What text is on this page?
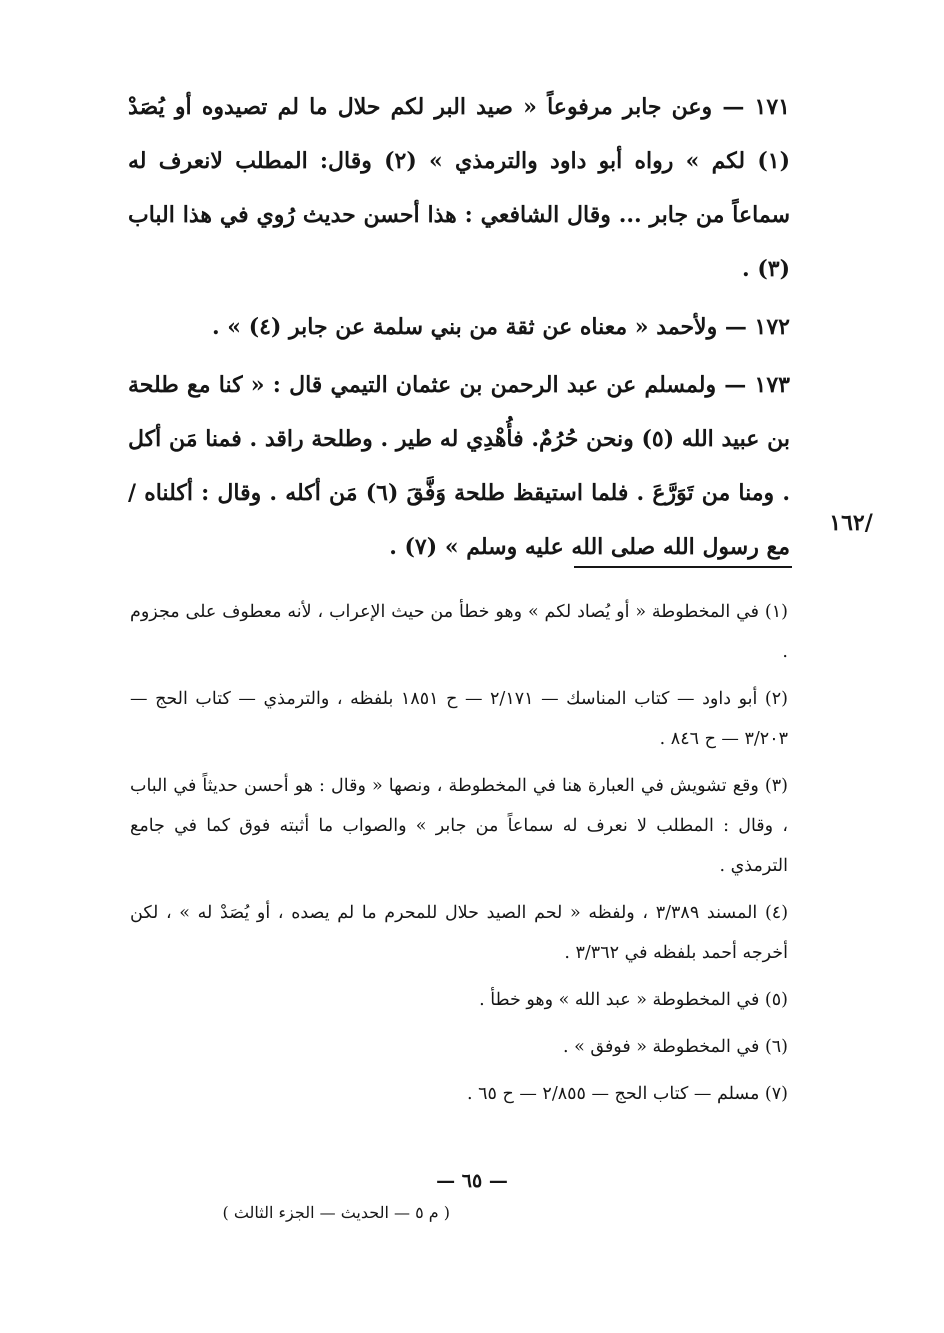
١٧١ — وعن جابر مرفوعاً « صيد البر لكم حلال ما لم تصيدوه أو يُصَدْ (١) لكم » رواه أبو داود والترمذي » (٢) وقال: المطلب لانعرف له سماعاً من جابر ... وقال الشافعي : هذا أحسن حديث رُوي في هذا الباب (٣) .

١٧٢ — ولأحمد « معناه عن ثقة من بني سلمة عن جابر (٤) » .

١٧٣ — ولمسلم عن عبد الرحمن بن عثمان التيمي قال : « كنا مع طلحة بن عبيد الله (٥) ونحن حُرُمٌ. فأُهْدِي له طير . وطلحة راقد . فمنا مَن أكل . ومنا من تَوَرَّعَ . فلما استيقظ طلحة وَفَّقَ (٦) مَن أكله . وقال : أكلناه / مع رسول الله صلى الله عليه وسلم » (٧) .

/١٦٢

(١) في المخطوطة « أو يُصاد لكم » وهو خطأ من حيث الإعراب ، لأنه معطوف على مجزوم .

(٢) أبو داود — كتاب المناسك — ٢/١٧١ — ح ١٨٥١ بلفظه ، والترمذي — كتاب الحج — ٣/٢٠٣ — ح ٨٤٦ .

(٣) وقع تشويش في العبارة هنا في المخطوطة ، ونصها « وقال : هو أحسن حديثاً في الباب ، وقال : المطلب لا نعرف له سماعاً من جابر » والصواب ما أثبته فوق كما في جامع الترمذي .

(٤) المسند ٣/٣٨٩ ، ولفظه « لحم الصيد حلال للمحرم ما لم يصده ، أو يُصَدْ له » ، لكن أخرجه أحمد بلفظه في ٣/٣٦٢ .

(٥) في المخطوطة « عبد الله » وهو خطأ .

(٦) في المخطوطة « فوفق » .

(٧) مسلم — كتاب الحج — ٢/٨٥٥ — ح ٦٥ .

— ٦٥ —
( م ٥ — الحديث — الجزء الثالث )
